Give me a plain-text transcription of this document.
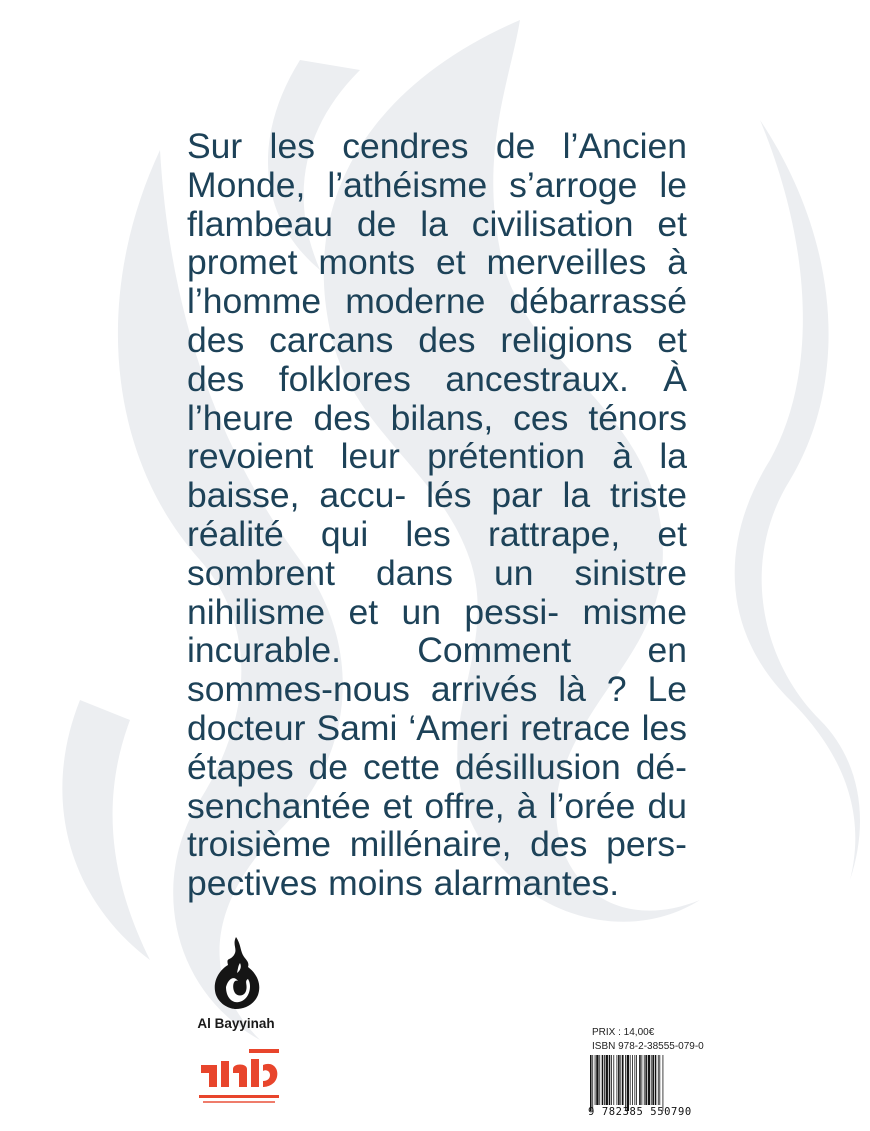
Sur les cendres de l’Ancien Monde, l’athéisme s’arroge le flambeau de la civilisation et promet monts et merveilles à l’homme moderne débarrassé des carcans des religions et des folklores ancestraux. À l’heure des bilans, ces ténors revoient leur prétention à la baisse, accu- lés par la triste réalité qui les rattrape, et sombrent dans un sinistre nihilisme et un pessi- misme incurable. Comment en sommes-nous arrivés là ? Le docteur Sami ‘Ameri retrace les étapes de cette désillusion dé- senchantée et offre, à l’orée du troisième millénaire, des pers- pectives moins alarmantes.
Al Bayyinah
PRIX : 14,00€
ISBN 978-2-38555-079-0
9 782385 550790
